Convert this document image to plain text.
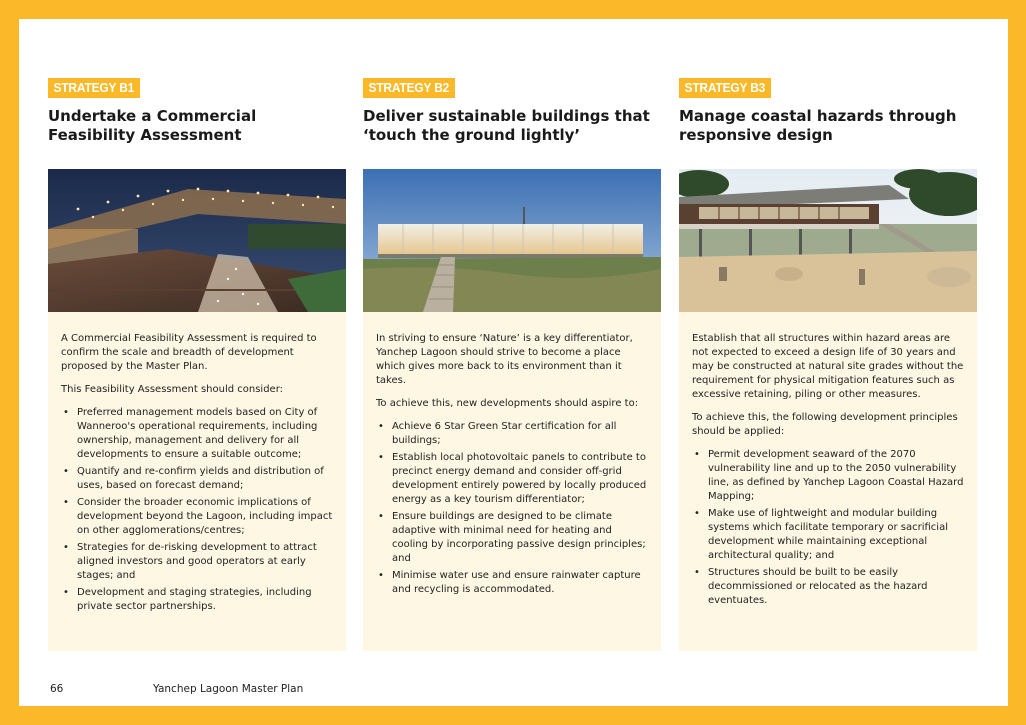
STRATEGY B1
Undertake a Commercial Feasibility Assessment

A Commercial Feasibility Assessment is required to confirm the scale and breadth of development proposed by the Master Plan.

This Feasibility Assessment should consider:

• Preferred management models based on City of Wanneroo's operational requirements, including ownership, management and delivery for all developments to ensure a suitable outcome;
• Quantify and re-confirm yields and distribution of uses, based on forecast demand;
• Consider the broader economic implications of development beyond the Lagoon, including impact on other agglomerations/centres;
• Strategies for de-risking development to attract aligned investors and good operators at early stages; and
• Development and staging strategies, including private sector partnerships.
STRATEGY B2
Deliver sustainable buildings that ‘touch the ground lightly’

In striving to ensure ‘Nature’ is a key differentiator, Yanchep Lagoon should strive to become a place which gives more back to its environment than it takes.

To achieve this, new developments should aspire to:

• Achieve 6 Star Green Star certification for all buildings;
• Establish local photovoltaic panels to contribute to precinct energy demand and consider off-grid development entirely powered by locally produced energy as a key tourism differentiator;
• Ensure buildings are designed to be climate adaptive with minimal need for heating and cooling by incorporating passive design principles; and
• Minimise water use and ensure rainwater capture and recycling is accommodated.
STRATEGY B3
Manage coastal hazards through responsive design

Establish that all structures within hazard areas are not expected to exceed a design life of 30 years and may be constructed at natural site grades without the requirement for physical mitigation features such as excessive retaining, piling or other measures.

To achieve this, the following development principles should be applied:

• Permit development seaward of the 2070 vulnerability line and up to the 2050 vulnerability line, as defined by Yanchep Lagoon Coastal Hazard Mapping;
• Make use of lightweight and modular building systems which facilitate temporary or sacrificial development while maintaining exceptional architectural quality; and
• Structures should be built to be easily decommissioned or relocated as the hazard eventuates.
66	Yanchep Lagoon Master Plan
